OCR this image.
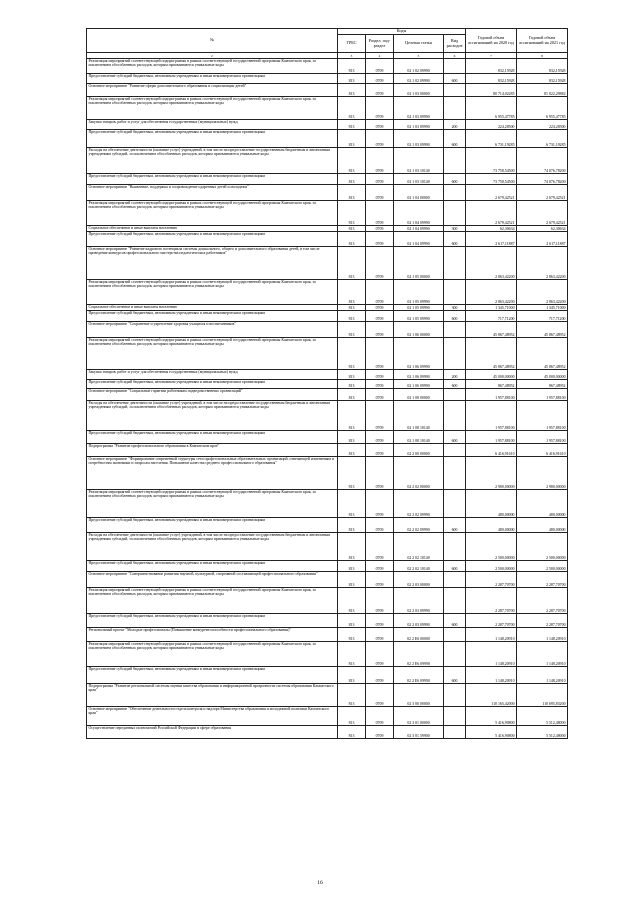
№	Коды				Годовой объем ассигнований на 2020 год	Годовой объем ассигнований на 2021 год
	ГРБС	Раздел, под-раздел	Целевая статья	Вид расходов		
2	3	4	5	6	7	8
Реализация мероприятий соответствующей подпрограммы в рамках соответствующей государственной программы Камчатского края, за исключением обособленных расходов, которым присваиваются уникальные коды	813	0709	02 1 02 09990		832,15928	832,15928
Предоставление субсидий бюджетным, автономным учреждениям и иным некоммерческим организациям	813	0709	02 1 02 09990	600	832,15928	832,15928
Основное мероприятие "Развитие сферы дополнительного образования и социализации детей"	813	0709	02 1 03 00000		80 714,02285	81 022,29882
Реализация мероприятий соответствующей подпрограммы в рамках соответствующей государственной программы Камчатского края, за исключением обособленных расходов, которым присваиваются уникальные коды	813	0709	02 1 03 09990		6 955,47785	6 955,47785
Закупка товаров, работ и услуг для обеспечения государственных (муниципальных) нужд	813	0709	02 1 03 09990	200	224,28500	224,28500
Предоставление субсидий бюджетным, автономным учреждениям и иным некоммерческим организациям	813	0709	02 1 03 09990	600	6 731,19285	6 731,19285
Расходы на обеспечение деятельности (оказание услуг) учреждений, в том числе на предоставление государственным бюджетным и автономным учреждениям субсидий, за исключением обособленных расходов, которым присваиваются уникальные коды	813	0709	02 1 03 10140		73 758,54500	74 076,78200
Предоставление субсидий бюджетным, автономным учреждениям и иным некоммерческим организациям	813	0709	02 1 03 10140	600	73 758,54500	74 076,78200
Основное мероприятие "Выявление, поддержка и сопровождение одаренных детей и молодежи"	813	0709	02 1 04 00000		2 679,42521	2 679,42521
Реализация мероприятий соответствующей подпрограммы в рамках соответствующей государственной программы Камчатского края, за исключением обособленных расходов, которым присваиваются уникальные коды	813	0709	02 1 04 09990		2 679,42521	2 679,42521
Социальное обеспечение и иные выплаты населению	813	0709	02 1 04 09990	300	62,30634	62,30634
Предоставление субсидий бюджетным, автономным учреждениям и иным некоммерческим организациям	813	0709	02 1 04 09990	600	2 617,11887	2 617,11887
Основное мероприятие "Развитие кадрового потенциала системы дошкольного, общего и дополнительного образования детей, в том числе проведение конкурсов профессионального мастерства педагогических работников"	813	0709	02 1 05 00000		2 863,42200	2 863,42200
Реализация мероприятий соответствующей подпрограммы в рамках соответствующей государственной программы Камчатского края, за исключением обособленных расходов, которым присваиваются уникальные коды	813	0709	02 1 05 09990		2 863,42200	2 863,42200
Социальное обеспечение и иные выплаты населению	813	0709	02 1 05 09990	300	1 345,71000	1 345,71000
Предоставление субсидий бюджетным, автономным учреждениям и иным некоммерческим организациям	813	0709	02 1 05 09990	600	717,71200	717,71200
Основное мероприятие "Сохранение и укрепление здоровья учащихся и воспитанников"	813	0709	02 1 06 00000		45 867,48952	45 867,48952
Реализация мероприятий соответствующей подпрограммы в рамках соответствующей государственной программы Камчатского края, за исключением обособленных расходов, которым присваиваются уникальные коды	813	0709	02 1 06 09990		45 867,48952	45 867,48952
Закупка товаров, работ и услуг для обеспечения государственных (муниципальных) нужд	813	0709	02 1 06 09990	200	45 000,00000	45 000,00000
Предоставление субсидий бюджетным, автономным учреждениям и иным некоммерческим организациям	813	0709	02 1 06 09990	600	867,48952	867,48952
Основное мероприятие "Социальные гарантии работникам подведомственных организаций"	813	0709	02 1 08 00000		1 957,88100	1 957,88100
Расходы на обеспечение деятельности (оказание услуг) учреждений, в том числе на предоставление государственным бюджетным и автономным учреждениям субсидий, за исключением обособленных расходов, которым присваиваются уникальные коды	813	0709	02 1 08 10140		1 957,88100	1 957,88100
Предоставление субсидий бюджетным, автономным учреждениям и иным некоммерческим организациям	813	0709	02 1 08 10140	600	1 957,88100	1 957,88100
Подпрограмма "Развитие профессионального образования в Камчатском крае"	813	0709	02 2 00 00000		6 416,91610	6 416,91610
Основное мероприятие "Формирование современной структуры сети профессиональных образовательных организаций, отвечающей изменениям и потребностям экономики и запросам населения. Повышение качества среднего профессионального образования"	813	0709	02 2 02 00000		2 980,00000	2 980,00000
Реализация мероприятий соответствующей подпрограммы в рамках соответствующей государственной программы Камчатского края, за исключением обособленных расходов, которым присваиваются уникальные коды	813	0709	02 2 02 09990		480,00000	480,00000
Предоставление субсидий бюджетным, автономным учреждениям и иным некоммерческим организациям	813	0709	02 2 02 09990	600	480,00000	480,00000
Расходы на обеспечение деятельности (оказание услуг) учреждений, в том числе на предоставление государственным бюджетным и автономным учреждениям субсидий, за исключением обособленных расходов, которым присваиваются уникальные коды	813	0709	02 2 02 10140		2 500,00000	2 500,00000
Предоставление субсидий бюджетным, автономным учреждениям и иным некоммерческим организациям	813	0709	02 2 02 10140	600	2 500,00000	2 500,00000
Основное мероприятие "Совершенствование развития научной, культурной, спортивной составляющей профессионального образования"	813	0709	02 2 03 00000		2 287,70700	2 287,70700
Реализация мероприятий соответствующей подпрограммы в рамках соответствующей государственной программы Камчатского края, за исключением обособленных расходов, которым присваиваются уникальные коды	813	0709	02 2 03 09990		2 287,70700	2 287,70700
Предоставление субсидий бюджетным, автономным учреждениям и иным некоммерческим организациям	813	0709	02 2 03 09990	600	2 287,70700	2 287,70700
Региональный проект "Молодые профессионалы (Повышение конкурентоспособности профессионального образования)"	813	0709	02 2 E6 00000		1 148,20910	1 148,20910
Реализация мероприятий соответствующей подпрограммы в рамках соответствующей государственной программы Камчатского края, за исключением обособленных расходов, которым присваиваются уникальные коды	813	0709	02 2 E6 09990		1 148,20910	1 148,20910
Предоставление субсидий бюджетным, автономным учреждениям и иным некоммерческим организациям	813	0709	02 2 E6 09990	600	1 148,20910	1 148,20910
Подпрограмма "Развитие региональной системы оценки качества образования и информационной прозрачности системы образования Камчатского края"	813	0709	02 3 00 00000		110 165,42000	110 695,83200
Основное мероприятие "Обеспечение деятельности отдела контроля и надзора Министерства образования и молодежной политики Камчатского края"	813	0709	02 3 01 00000		5 416,90800	5 512,48000
Осуществление переданных полномочий Российской Федерации в сфере образования	813	0709	02 3 01 59900		5 416,90800	5 512,48000
16
